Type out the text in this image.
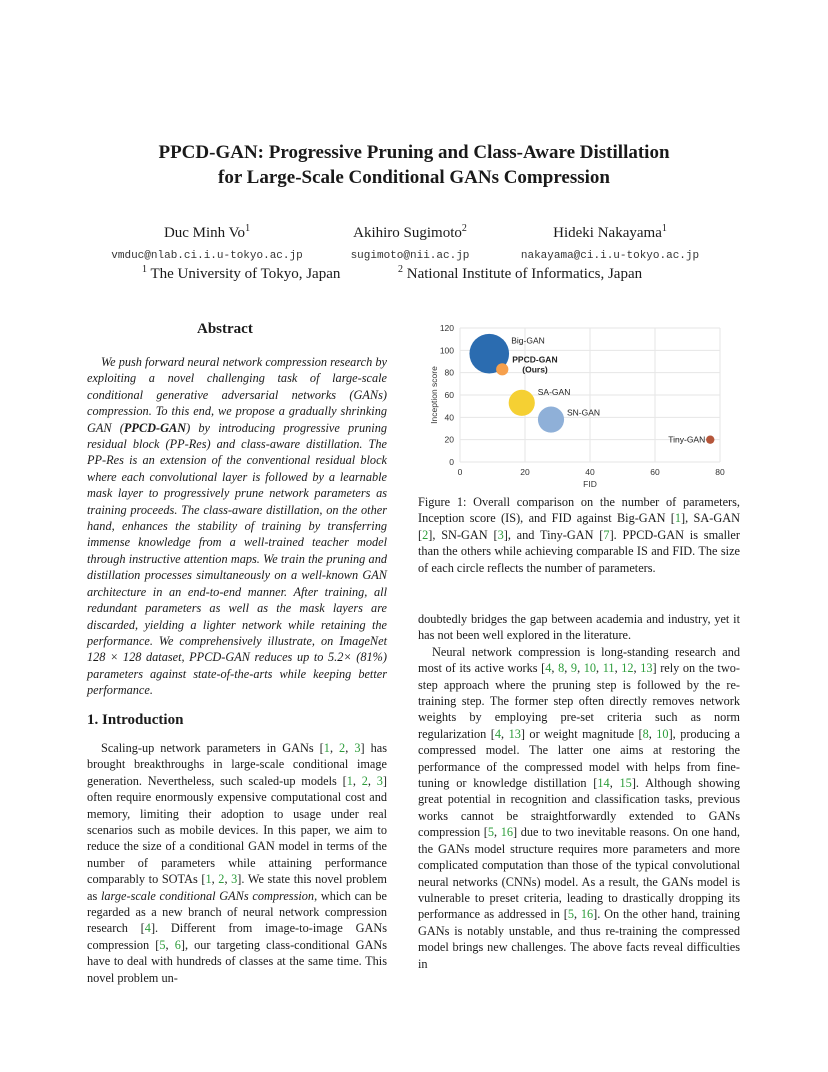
PPCD-GAN: Progressive Pruning and Class-Aware Distillation
for Large-Scale Conditional GANs Compression
Duc Minh Vo$^1$
vmduc@nlab.ci.i.u-tokyo.ac.jp
Akihiro Sugimoto$^2$
sugimoto@nii.ac.jp
Hideki Nakayama$^1$
nakayama@ci.i.u-tokyo.ac.jp
$^1$ The University of Tokyo, Japan	$^2$ National Institute of Informatics, Japan
Abstract

We push forward neural network compression research by exploiting a novel challenging task of large-scale conditional generative adversarial networks (GANs) compression. To this end, we propose a gradually shrinking GAN (PPCD-GAN) by introducing progressive pruning residual block (PP-Res) and class-aware distillation. The PP-Res is an extension of the conventional residual block where each convolutional layer is followed by a learnable mask layer to progressively prune network parameters as training proceeds. The class-aware distillation, on the other hand, enhances the stability of training by transferring immense knowledge from a well-trained teacher model through instructive attention maps. We train the pruning and distillation processes simultaneously on a well-known GAN architecture in an end-to-end manner. After training, all redundant parameters as well as the mask layers are discarded, yielding a lighter network while retaining the performance. We comprehensively illustrate, on ImageNet 128 × 128 dataset, PPCD-GAN reduces up to 5.2× (81%) parameters against state-of-the-arts while keeping better performance.

1. Introduction

Scaling-up network parameters in GANs [1, 2, 3] has brought breakthroughs in large-scale conditional image generation. Nevertheless, such scaled-up models [1, 2, 3] often require enormously expensive computational cost and memory, limiting their adoption to usage under real scenarios such as mobile devices. In this paper, we aim to reduce the size of a conditional GAN model in terms of the number of parameters while attaining performance comparably to SOTAs [1, 2, 3]. We state this novel problem as large-scale conditional GANs compression, which can be regarded as a new branch of neural network compression research [4]. Different from image-to-image GANs compression [5, 6], our targeting class-conditional GANs have to deal with hundreds of classes at the same time. This novel problem un-

0
20
40
60
80
100
120
0	20	40	60	80
FID
Inception score
Big-GAN
PPCD-GAN
(Ours)
SA-GAN
SN-GAN
Tiny-GAN
Figure 1: Overall comparison on the number of parameters, Inception score (IS), and FID against Big-GAN [1], SA-GAN [2], SN-GAN [3], and Tiny-GAN [7]. PPCD-GAN is smaller than the others while achieving comparable IS and FID. The size of each circle reflects the number of parameters.

doubtedly bridges the gap between academia and industry, yet it has not been well explored in the literature.

Neural network compression is long-standing research and most of its active works [4, 8, 9, 10, 11, 12, 13] rely on the two-step approach where the pruning step is followed by the re-training step. The former step often directly removes network weights by employing pre-set criteria such as norm regularization [4, 13] or weight magnitude [8, 10], producing a compressed model. The latter one aims at restoring the performance of the compressed model with helps from fine-tuning or knowledge distillation [14, 15]. Although showing great potential in recognition and classification tasks, previous works cannot be straightforwardly extended to GANs compression [5, 16] due to two inevitable reasons. On one hand, the GANs model structure requires more parameters and more complicated computation than those of the typical convolutional neural networks (CNNs) model. As a result, the GANs model is vulnerable to preset criteria, leading to drastically dropping its performance as addressed in [5, 16]. On the other hand, training GANs is notably unstable, and thus re-training the compressed model brings new challenges. The above facts reveal difficulties in
